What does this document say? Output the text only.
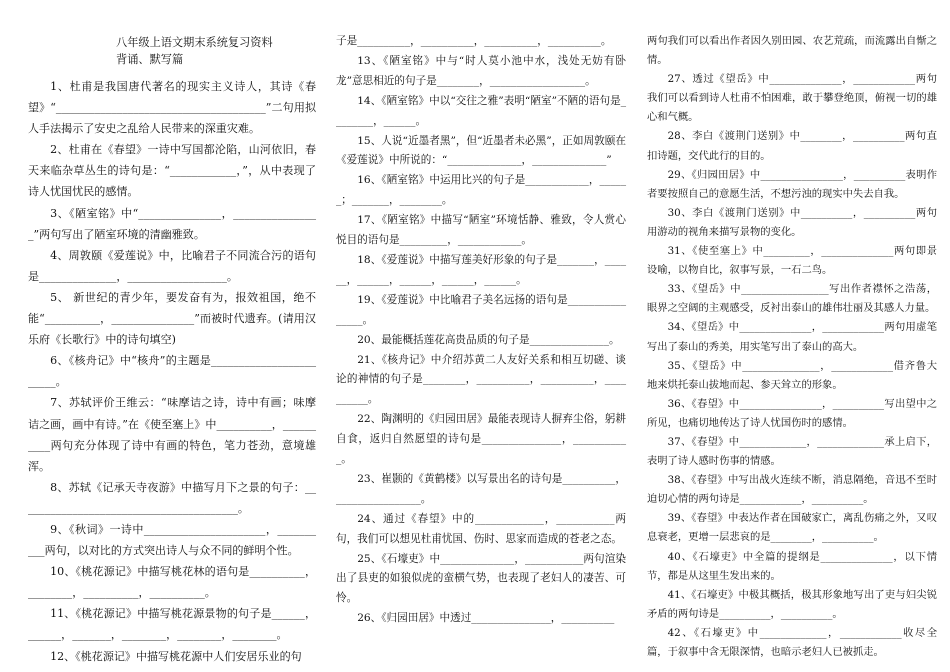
八年级上语文期末系统复习资料

背诵、默写篇

1、杜甫是我国唐代著名的现实主义诗人，其诗《春望》“______________________________________”二句用拟人手法揭示了安史之乱给人民带来的深重灾难。

2、杜甫在《春望》一诗中写国都沦陷，山河依旧，春天来临杂草丛生的诗句是：“____________，”，从中表现了诗人忧国忧民的感情。

3、《陋室铭》中“_______________，________________”两句写出了陋室环境的清幽雅致。

4、周敦颐《爱莲说》中，比喻君子不同流合污的语句是______________，__________________。

5、 新世纪的青少年，要发奋有为，报效祖国，绝不能“__________，_______________”而被时代遗弃。(请用汉乐府《长歌行》中的诗句填空)

6、《核舟记》中“核舟”的主题是________________________。

7、苏轼评价王维云：“味摩诘之诗，诗中有画；味摩诘之画，画中有诗。”在《使至塞上》中__________，__________两句充分体现了诗中有画的特色，笔力苍劲，意境雄浑。

8、苏轼《记承天寺夜游》中描写月下之景的句子：________________________________________。

9、《秋词》一诗中______________________，__________两句，以对比的方式突出诗人与众不同的鲜明个性。

10、《桃花源记》中描写桃花林的语句是__________，________，__________，__________。

11、《桃花源记》中描写桃花源景物的句子是______，______，_______，________，________，________。

12、《桃花源记》中描写桃花源中人们安居乐业的句

子是__________，__________，__________，__________。

13、《陋室铭》中与“时人莫小池中水，浅处无妨有卧龙”意思相近的句子是________，__________________。

14、《陋室铭》中以“交往之雅”表明“陋室”不陋的语句是________，______。

15、人说“近墨者黑”，但“近墨者未必黑”，正如周敦颐在《爱莲说》中所说的：“______________，______________”

16、《陋室铭》中运用比兴的句子是____________，______；_______，________。

17、《陋室铭》中描写“陋室”环境恬静、雅致，令人赏心悦目的语句是_________，____________。

18、《爱莲说》中描写莲美好形象的句子是_______，______，______，______，______，______。

19、《爱莲说》中比喻君子美名远扬的语句是________________。

20、最能概括莲花高贵品质的句子是_______________。

21、《核舟记》中介绍苏黄二人友好关系和相互切磋、谈论的神情的句子是________，__________，__________，__________。

22、陶渊明的《归园田居》最能表现诗人摒弃尘俗，躬耕自食，返归自然愿望的诗句是_______________，___________。

23、崔颢的《黄鹤楼》以写景出名的诗句是__________，________________。

24、通过《春望》中的_____________，___________两句，我们可以想见杜甫忧国、伤时、思家而造成的苍老之态。

25、《石壕吏》中______________，___________两句渲染出了县吏的如狼似虎的蛮横气势，也表现了老妇人的凄苦、可怜。

26、《归园田居》中透过_______________，__________

两句我们可以看出作者因久别田园、农艺荒疏，而流露出自惭之情。

27、透过《望岳》中______________，____________两句我们可以看到诗人杜甫不怕困难，敢于攀登绝顶，俯视一切的雄心和气概。

28、李白《渡荆门送别》中________，__________两句直扣诗题，交代此行的目的。

29、《归园田居》中________________，__________表明作者要按照自己的意愿生活，不想污浊的现实中失去自我。

30、李白《渡荆门送别》中__________，__________两句用游动的视角来描写景物的变化。

31、《使至塞上》中_________，______________两句即景设喻，以物自比，叙事写景，一石二鸟。

33、《望岳》中_________________写出作者襟怀之浩荡，眼界之空阔的主观感受，反衬出泰山的雄伟壮丽及其感人力量。

34、《望岳》中______________，____________两句用虚笔写出了泰山的秀美，用实笔写出了泰山的高大。

35、《望岳》中_______________，____________借齐鲁大地来烘托泰山拔地而起、参天耸立的形象。

36、《春望》中________________，__________写出望中之所见，也痛切地传达了诗人忧国伤时的感情。

37、《春望》中_____________，_____________承上启下，表明了诗人感时伤事的情感。

38、《春望》中写出战火连续不断，消息隔绝，音迅不至时迫切心情的两句诗是____________，__________。

39、《春望》中表达作者在国破家亡，离乱伤痛之外，又叹息衰老，更增一层悲哀的是________，__________。

40、《石壕吏》中全篇的提纲是______________，以下情节，都是从这里生发出来的。

41、《石壕吏》中极其概括，极其形象地写出了吏与妇尖锐矛盾的两句诗是__________，__________。

42、《石壕吏》中_____________，____________收尽全篇，于叙事中含无限深情，也暗示老妇人已被抓走。
